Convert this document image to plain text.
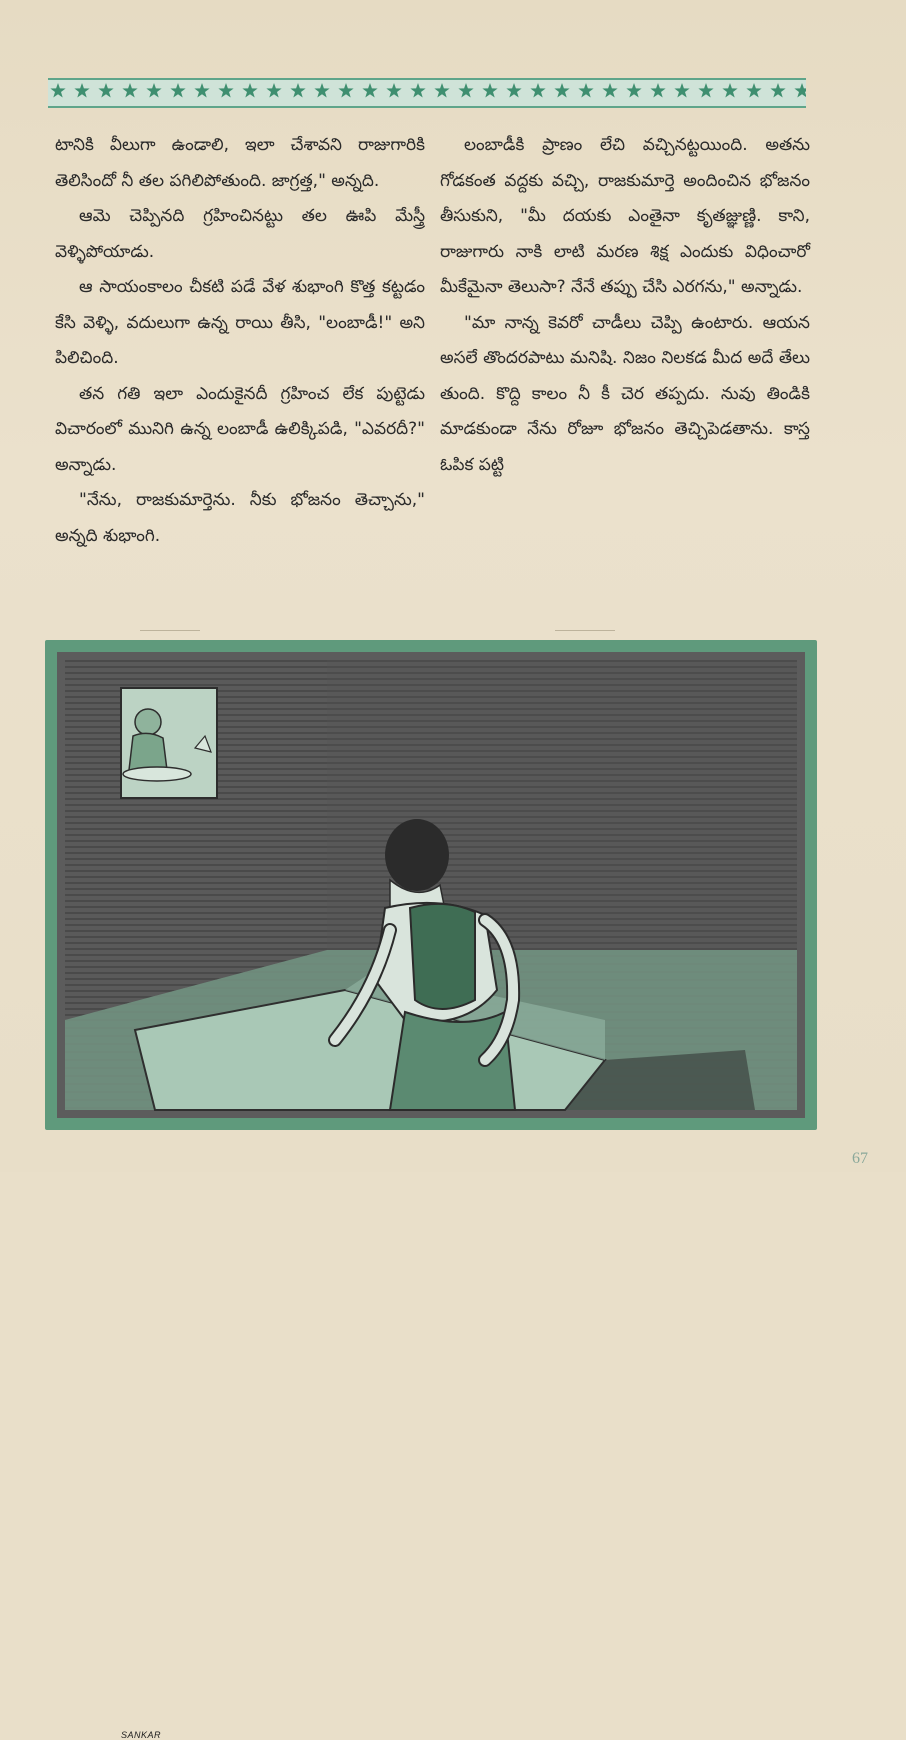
టానికి వీలుగా ఉండాలి, ఇలా చేశావని రాజుగారికి తెలిసిందో నీ తల పగిలిపోతుంది. జాగ్రత్త," అన్నది.

ఆమె చెప్పినది గ్రహించినట్టు తల ఊపి మేస్త్రీ వెళ్ళిపోయాడు.

ఆ సాయంకాలం చీకటి పడే వేళ శుభాంగి కొత్త కట్టడం కేసి వెళ్ళి, వదులుగా ఉన్న రాయి తీసి, "లంబాడీ!" అని పిలిచింది.

తన గతి ఇలా ఎందుకైనదీ గ్రహించ లేక పుట్టెడు విచారంలో మునిగి ఉన్న లంబాడీ ఉలిక్కిపడి, "ఎవరదీ?" అన్నాడు.

"నేను, రాజకుమార్తెను. నీకు భోజనం తెచ్చాను," అన్నది శుభాంగి.

లంబాడీకి ప్రాణం లేచి వచ్చినట్టయింది. అతను గోడకంత వద్దకు వచ్చి, రాజకుమార్తె అందించిన భోజనం తీసుకుని, "మీ దయకు ఎంతైనా కృతజ్ఞుణ్ణి. కాని, రాజుగారు నాకి లాటి మరణ శిక్ష ఎందుకు విధించారో మీకేమైనా తెలుసా? నేనే తప్పు చేసి ఎరగను," అన్నాడు.

"మా నాన్న కెవరో చాడీలు చెప్పి ఉంటారు. ఆయన అసలే తొందరపాటు మనిషి. నిజం నిలకడ మీద అదే తేలు తుంది. కొద్ది కాలం నీ కీ చెర తప్పదు. నువు తిండికి మాడకుండా నేను రోజూ భోజనం తెచ్చిపెడతాను. కాస్త ఓపిక పట్టి

SANKAR
67
